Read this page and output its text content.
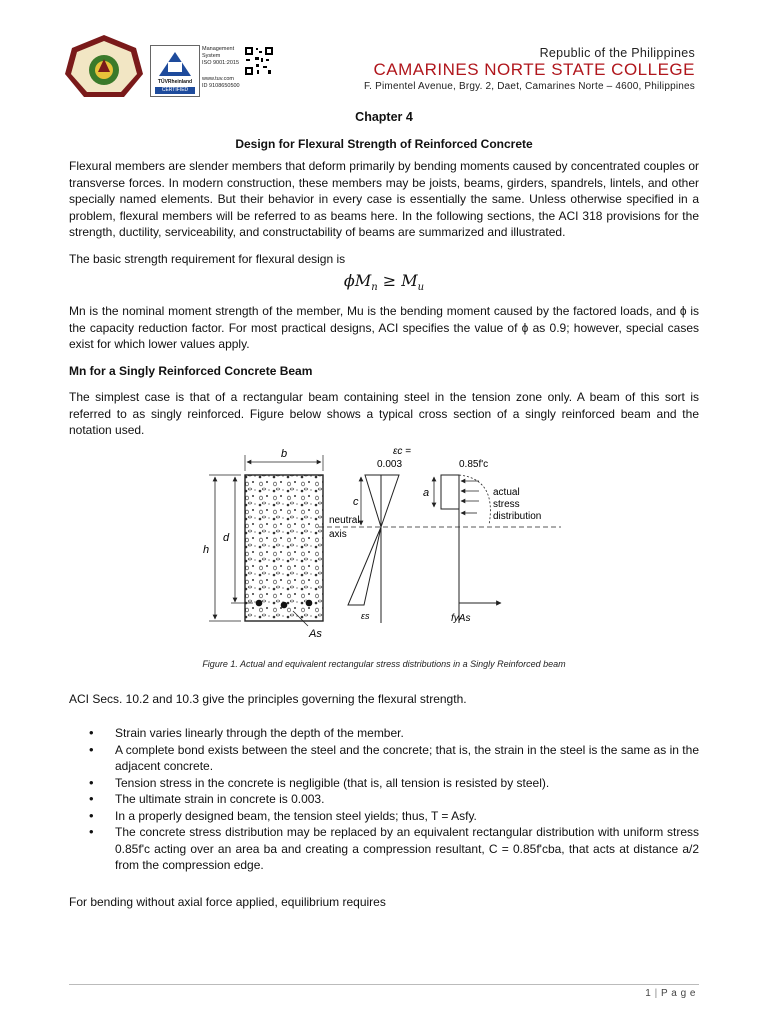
TÜVRheinland
CERTIFIED
Management
System
ISO 9001:2015
www.tuv.com
ID 9108650500
Republic of the Philippines
CAMARINES NORTE STATE COLLEGE
F. Pimentel Avenue, Brgy. 2, Daet, Camarines Norte – 4600, Philippines
Chapter 4
Design for Flexural Strength of Reinforced Concrete

Flexural members are slender members that deform primarily by bending moments caused by concentrated couples or transverse forces. In modern construction, these members may be joists, beams, girders, spandrels, lintels, and other specially named elements. But their behavior in every case is essentially the same. Unless otherwise specified in a problem, flexural members will be referred to as beams here. In the following sections, the ACI 318 provisions for the strength, ductility, serviceability, and constructability of beams are summarized and illustrated.

The basic strength requirement for flexural design is

$\phi M_n \ge M_u$

Mn is the nominal moment strength of the member, Mu is the bending moment caused by the factored loads, and ϕ is the capacity reduction factor. For most practical designs, ACI specifies the value of ϕ as 0.9; however, special cases exist for which lower values apply.

Mn for a Singly Reinforced Concrete Beam

The simplest case is that of a rectangular beam containing steel in the tension zone only. A beam of this sort is referred to as singly reinforced. Figure below shows a typical cross section of a singly reinforced beam and the notation used.

b
h
d
As
εc =
0.003
c
neutral
axis
εs
0.85f'c
a	actual
stress
distribution
fyAs
Figure 1. Actual and equivalent rectangular stress distributions in a Singly Reinforced beam

ACI Secs. 10.2 and 10.3 give the principles governing the flexural strength.

• Strain varies linearly through the depth of the member.
• A complete bond exists between the steel and the concrete; that is, the strain in the steel is the same as in the adjacent concrete.
• Tension stress in the concrete is negligible (that is, all tension is resisted by steel).
• The ultimate strain in concrete is 0.003.
• In a properly designed beam, the tension steel yields; thus, T = Asfy.
• The concrete stress distribution may be replaced by an equivalent rectangular distribution with uniform stress 0.85f'c acting over an area ba and creating a compression resultant, C = 0.85f'cba, that acts at distance a/2 from the compression edge.

For bending without axial force applied, equilibrium requires

1 | P a g e
